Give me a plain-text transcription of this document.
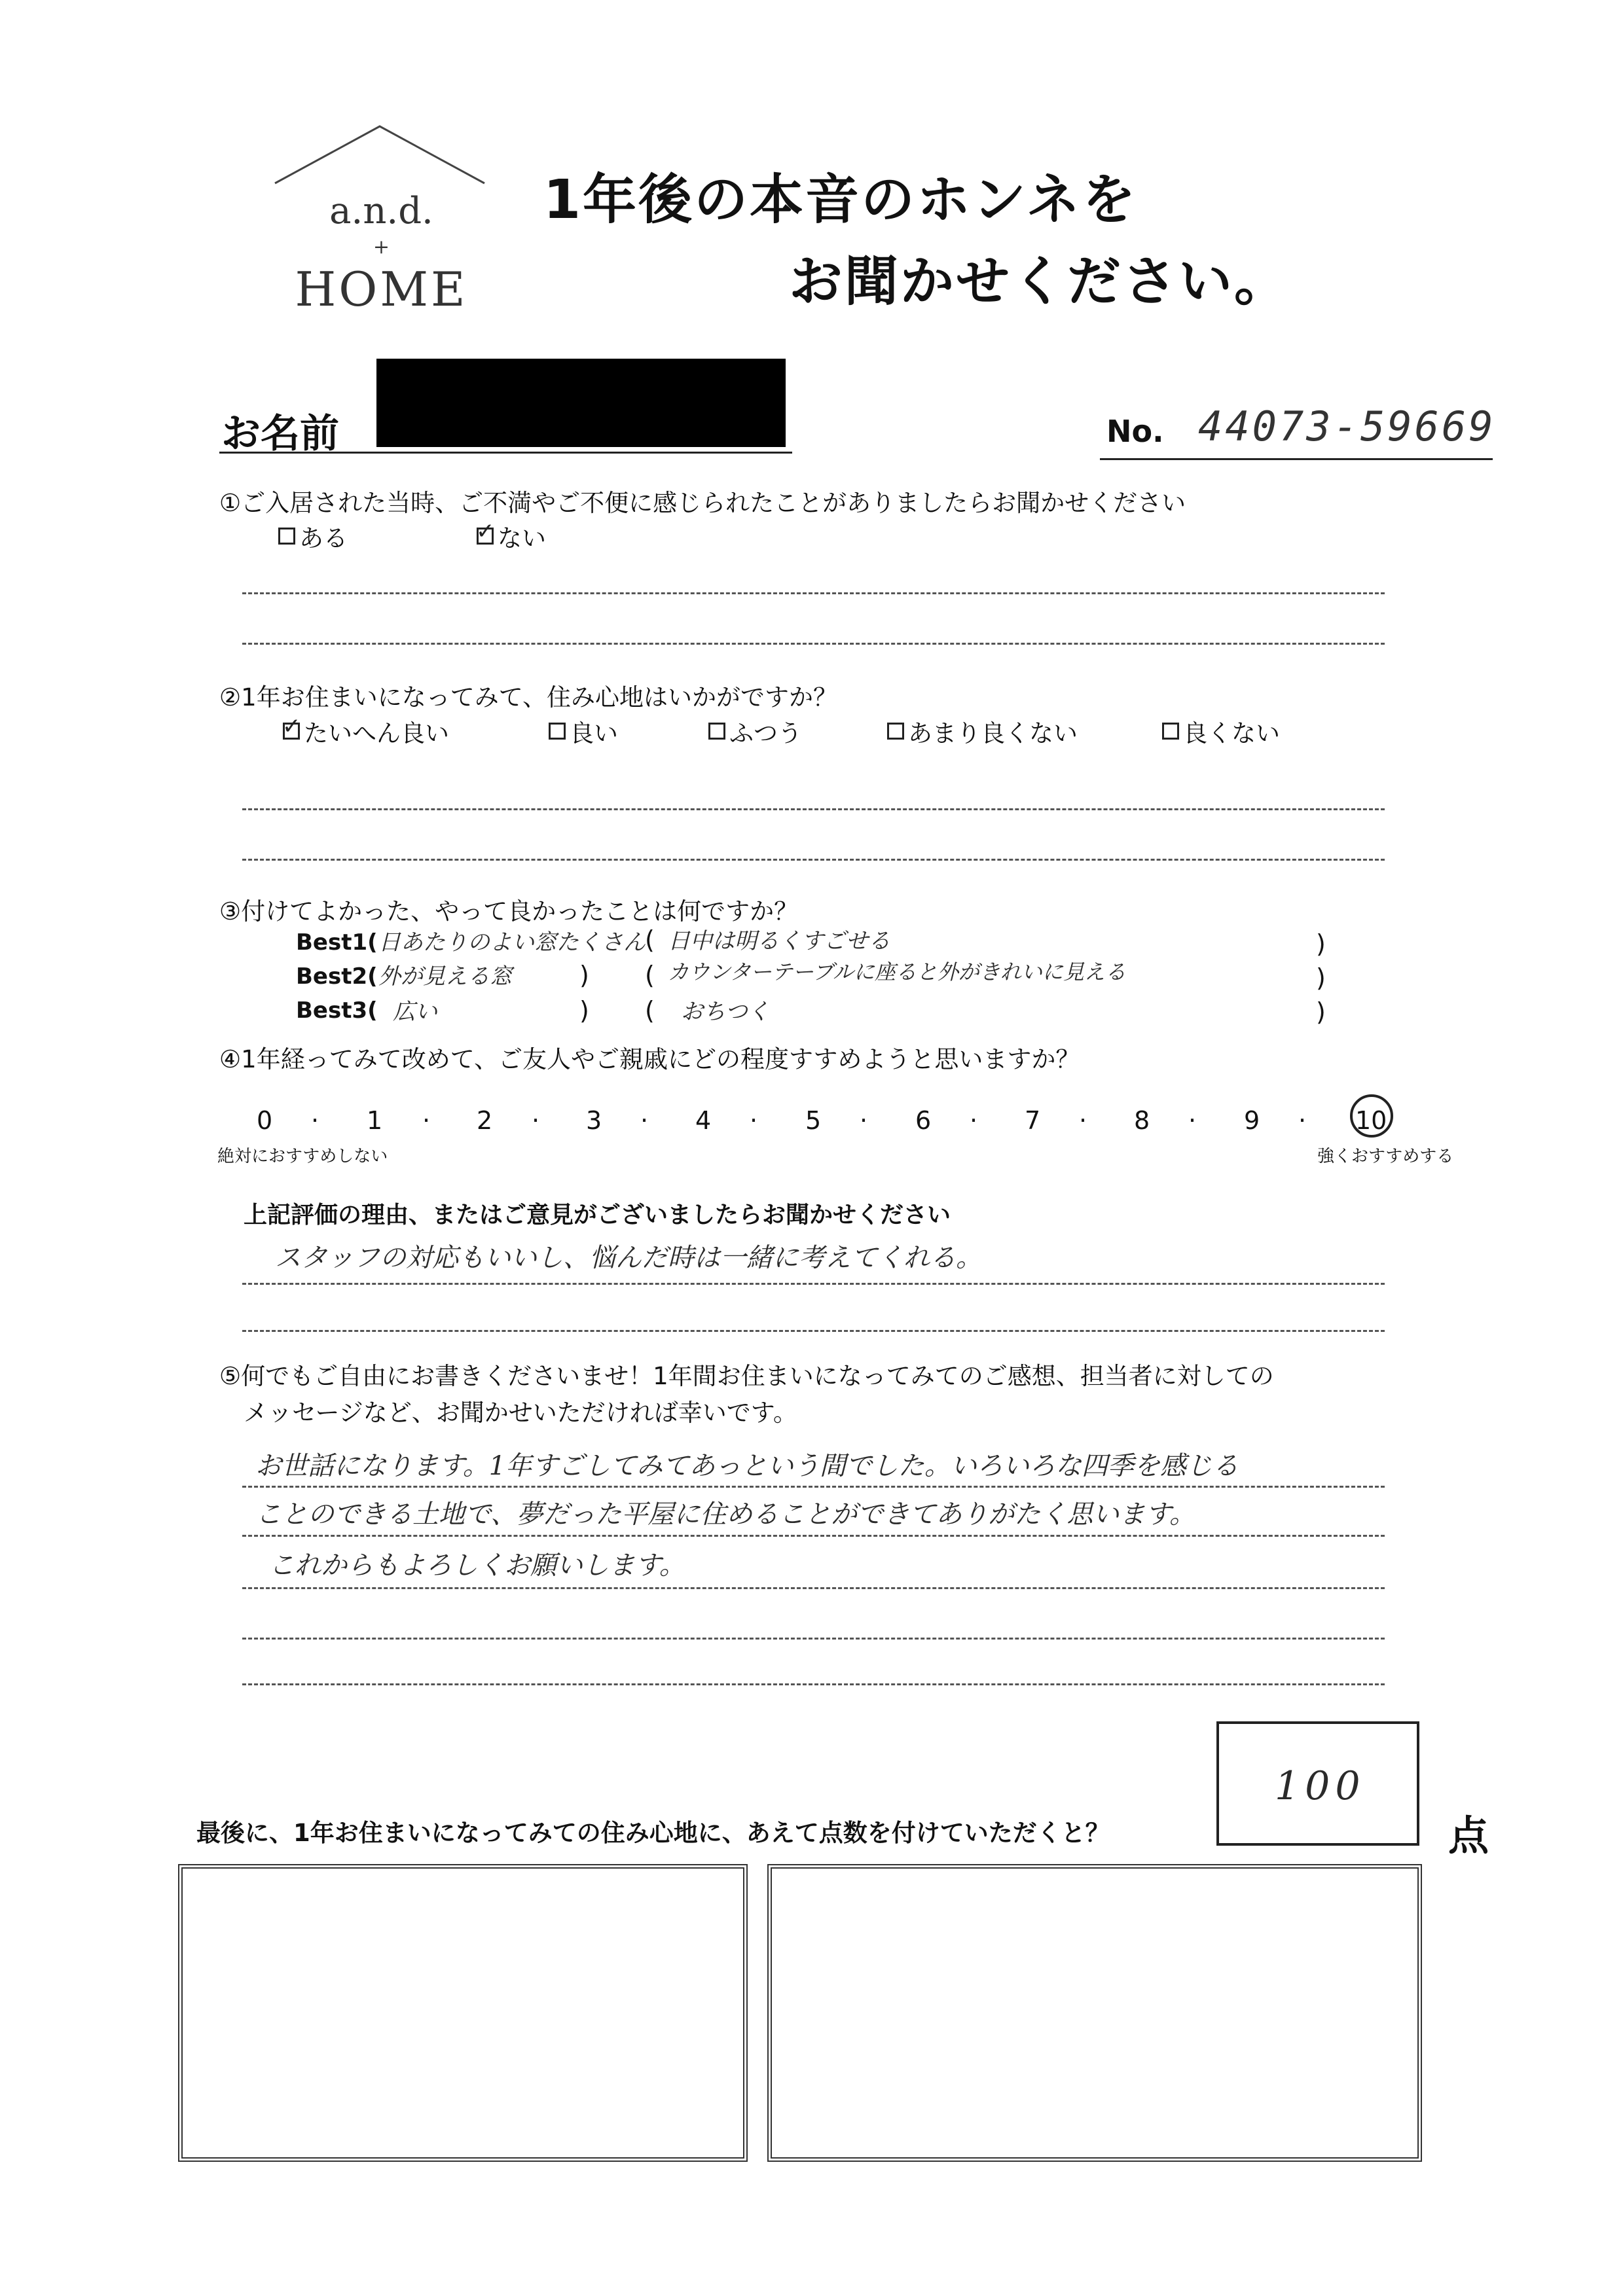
a.n.d.
+
HOME
1年後の本音のホンネを
お聞かせください。
お名前	No. 44073-59669
①ご入居された当時、ご不満やご不便に感じられたことがありましたらお聞かせください
ある	✓ ない
②1年お住まいになってみて、住み心地はいかがですか？
✓ たいへん良い	良い	ふつう	あまり良くない	良くない
③付けてよかった、やって良かったことは何ですか？
Best1( 日あたりのよい窓たくさん ( 日中は明るくすごせる	)
Best2( 外が見える窓	) ( カウンターテーブルに座ると外がきれいに見える	)
Best3( 広い	) ( おちつく	)
④1年経ってみて改めて、ご友人やご親戚にどの程度すすめようと思いますか？
0 · 1 · 2 · 3 · 4 · 5 · 6 · 7 · 8 · 9 · 10
絶対におすすめしない	強くおすすめする
上記評価の理由、またはご意見がございましたらお聞かせください
スタッフの対応もいいし、悩んだ時は一緒に考えてくれる。
⑤何でもご自由にお書きくださいませ！1年間お住まいになってみてのご感想、担当者に対しての
メッセージなど、お聞かせいただければ幸いです。
お世話になります。1年すごしてみてあっという間でした。いろいろな四季を感じる
ことのできる土地で、夢だった平屋に住めることができてありがたく思います。
これからもよろしくお願いします。
最後に、1年お住まいになってみての住み心地に、あえて点数を付けていただくと？
100
点
